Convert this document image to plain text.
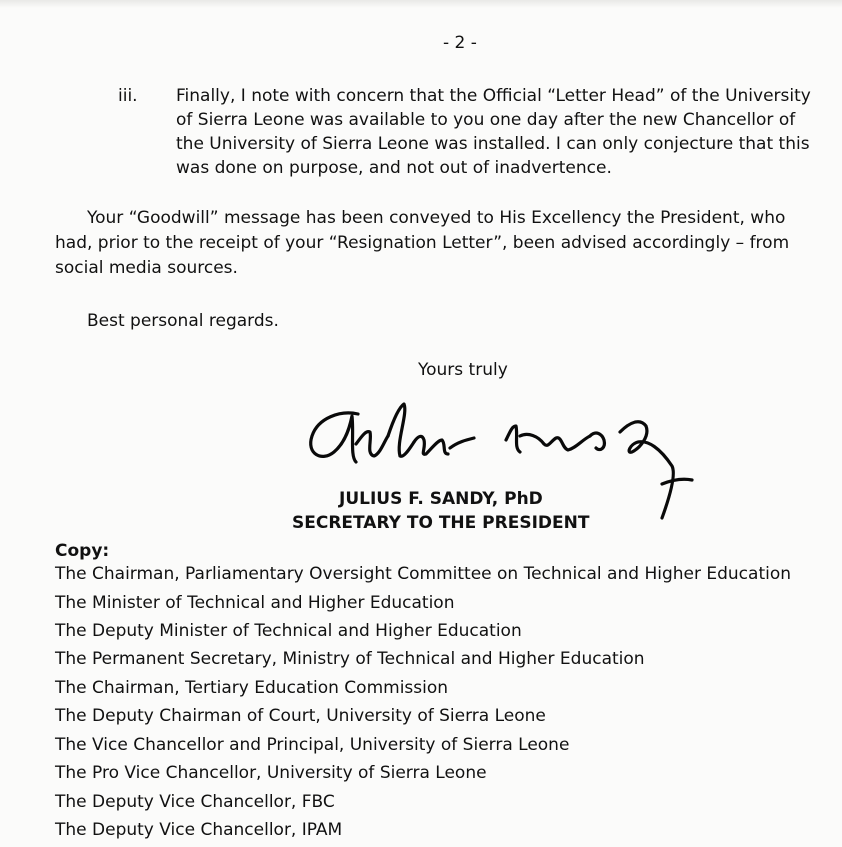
- 2 -
iii. Finally, I note with concern that the Official “Letter Head” of the University
of Sierra Leone was available to you one day after the new Chancellor of
the University of Sierra Leone was installed. I can only conjecture that this
was done on purpose, and not out of inadvertence.
Your “Goodwill” message has been conveyed to His Excellency the President, who
had, prior to the receipt of your “Resignation Letter”, been advised accordingly – from
social media sources.
Best personal regards.
Yours truly
JULIUS F. SANDY, PhD
SECRETARY TO THE PRESIDENT
Copy:
The Chairman, Parliamentary Oversight Committee on Technical and Higher Education
The Minister of Technical and Higher Education
The Deputy Minister of Technical and Higher Education
The Permanent Secretary, Ministry of Technical and Higher Education
The Chairman, Tertiary Education Commission
The Deputy Chairman of Court, University of Sierra Leone
The Vice Chancellor and Principal, University of Sierra Leone
The Pro Vice Chancellor, University of Sierra Leone
The Deputy Vice Chancellor, FBC
The Deputy Vice Chancellor, IPAM
